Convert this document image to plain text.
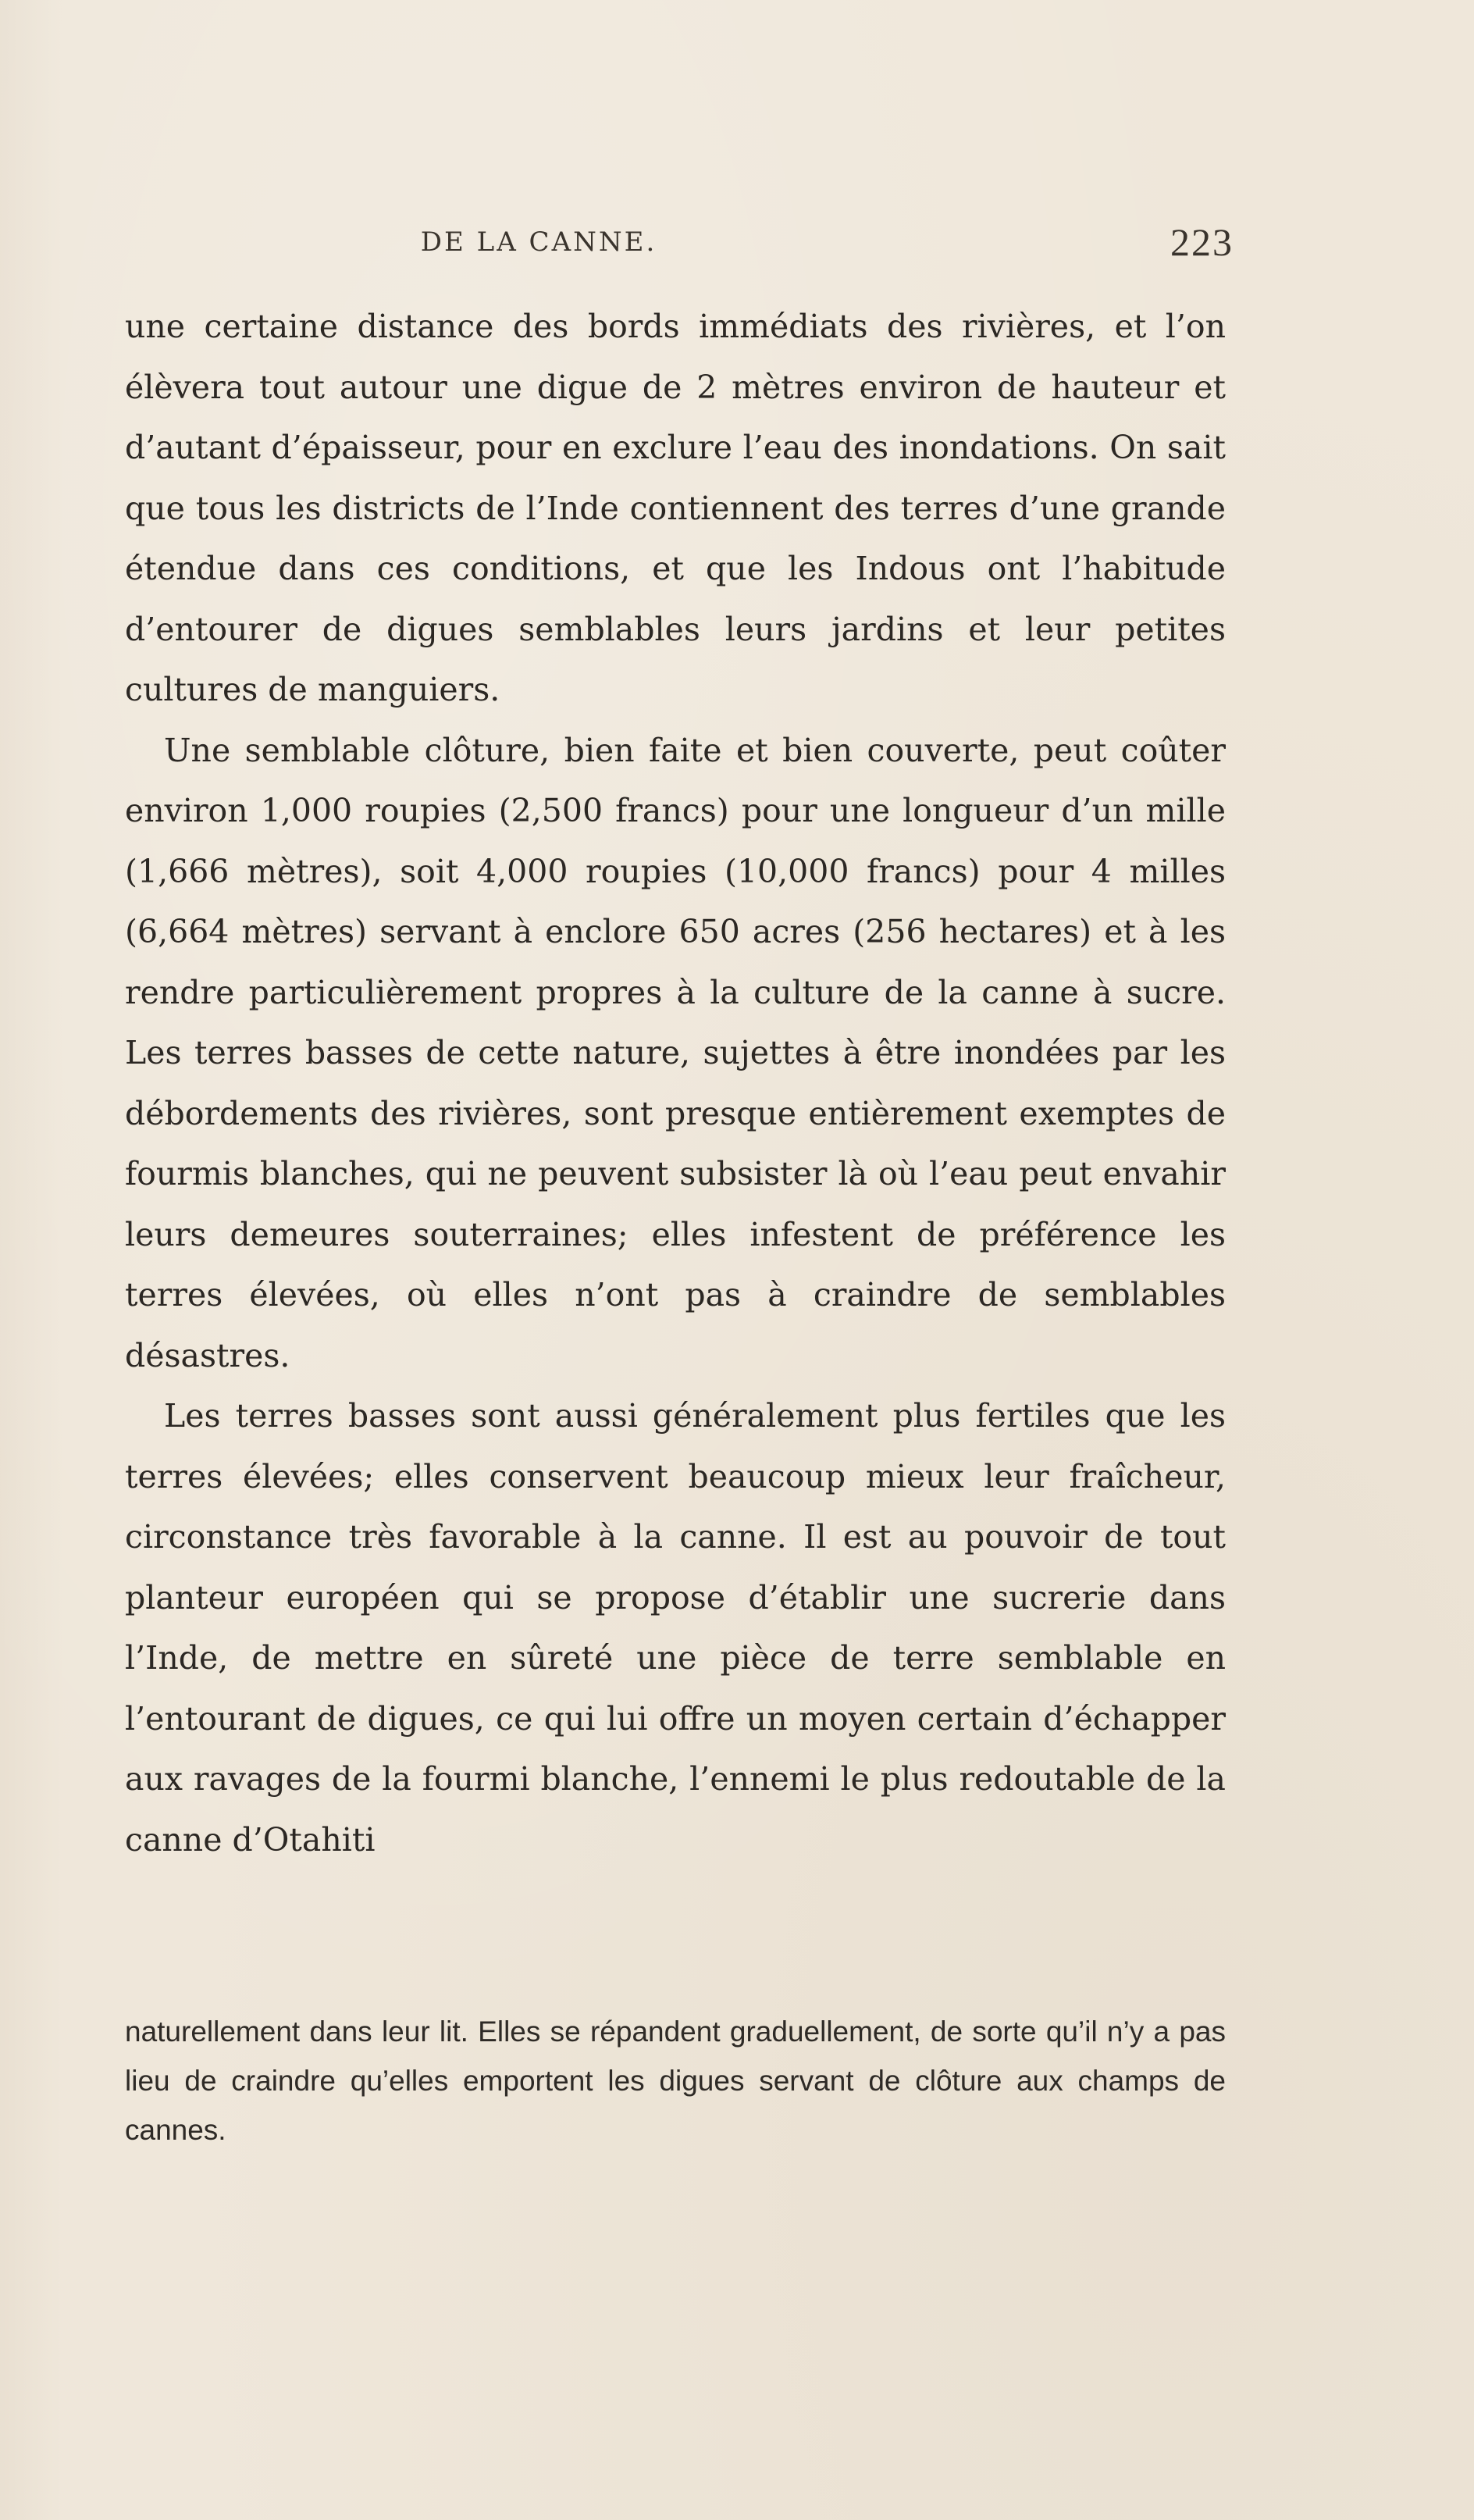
DE LA CANNE.	223

une certaine distance des bords immédiats des rivières, et l’on élèvera tout autour une digue de 2 mètres environ de hauteur et d’autant d’épaisseur, pour en exclure l’eau des inondations. On sait que tous les districts de l’Inde contiennent des terres d’une grande étendue dans ces conditions, et que les Indous ont l’habitude d’entourer de digues semblables leurs jardins et leur petites cultures de manguiers.

Une semblable clôture, bien faite et bien couverte, peut coûter environ 1,000 roupies (2,500 francs) pour une longueur d’un mille (1,666 mètres), soit 4,000 roupies (10,000 francs) pour 4 milles (6,664 mètres) servant à enclore 650 acres (256 hectares) et à les rendre particulièrement propres à la culture de la canne à sucre. Les terres basses de cette nature, sujettes à être inondées par les débordements des rivières, sont presque entièrement exemptes de fourmis blanches, qui ne peuvent subsister là où l’eau peut envahir leurs demeures souterraines; elles infestent de préférence les terres élevées, où elles n’ont pas à craindre de semblables désastres.

Les terres basses sont aussi généralement plus fertiles que les terres élevées; elles conservent beaucoup mieux leur fraîcheur, circonstance très favorable à la canne. Il est au pouvoir de tout planteur européen qui se propose d’établir une sucrerie dans l’Inde, de mettre en sûreté une pièce de terre semblable en l’entourant de digues, ce qui lui offre un moyen certain d’échapper aux ravages de la fourmi blanche, l’ennemi le plus redoutable de la canne d’Otahiti

naturellement dans leur lit. Elles se répandent graduellement, de sorte qu’il n’y a pas lieu de craindre qu’elles emportent les digues servant de clôture aux champs de cannes.
